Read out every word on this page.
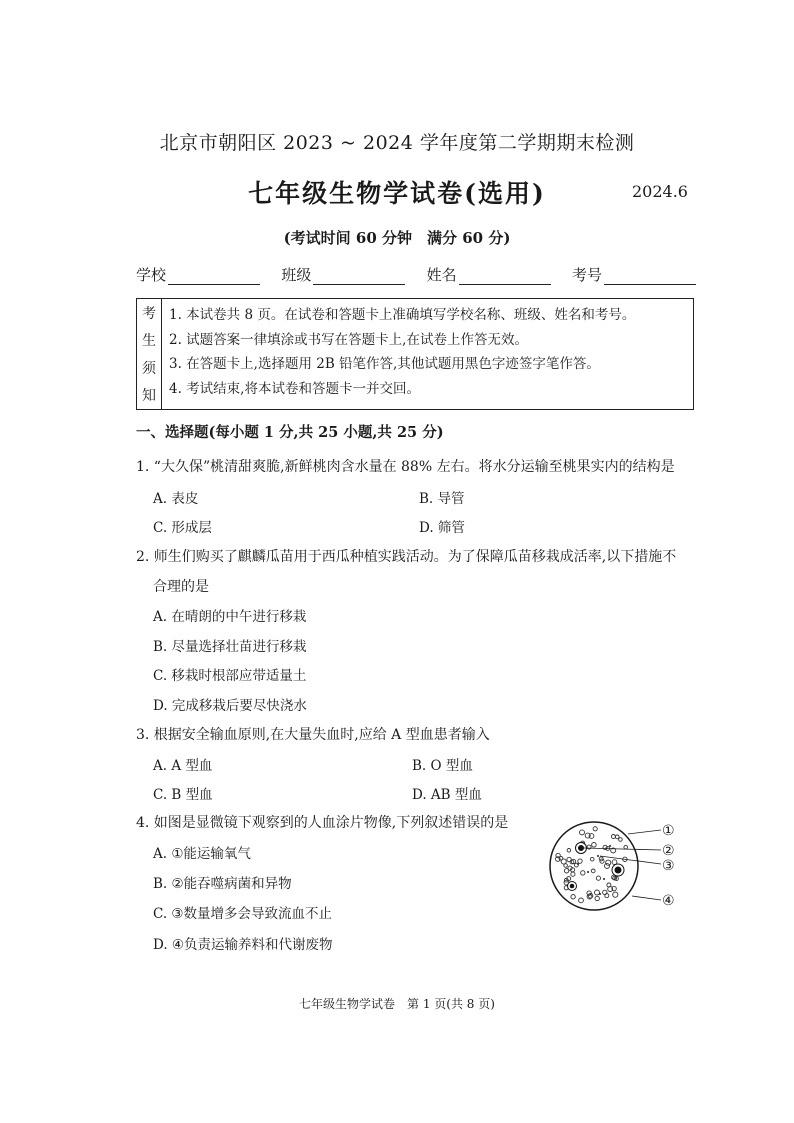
北京市朝阳区 2023 ~ 2024 学年度第二学期期末检测
七年级生物学试卷(选用)	2024.6
(考试时间 60 分钟　满分 60 分)
学校	班级	姓名	考号
考
生
须
知
1. 本试卷共 8 页。在试卷和答题卡上准确填写学校名称、班级、姓名和考号。
2. 试题答案一律填涂或书写在答题卡上,在试卷上作答无效。
3. 在答题卡上,选择题用 2B 铅笔作答,其他试题用黑色字迹签字笔作答。
4. 考试结束,将本试卷和答题卡一并交回。
一、选择题(每小题 1 分,共 25 小题,共 25 分)
1. “大久保”桃清甜爽脆,新鲜桃肉含水量在 88% 左右。将水分运输至桃果实内的结构是
A. 表皮	B. 导管
C. 形成层	D. 筛管
2. 师生们购买了麒麟瓜苗用于西瓜种植实践活动。为了保障瓜苗移栽成活率,以下措施不
合理的是
A. 在晴朗的中午进行移栽
B. 尽量选择壮苗进行移栽
C. 移栽时根部应带适量土
D. 完成移栽后要尽快浇水
3. 根据安全输血原则,在大量失血时,应给 A 型血患者输入
A. A 型血	B. O 型血
C. B 型血	D. AB 型血
4. 如图是显微镜下观察到的人血涂片物像,下列叙述错误的是
A. ①能运输氧气
B. ②能吞噬病菌和异物
C. ③数量增多会导致流血不止
D. ④负责运输养料和代谢废物
①
②
③
④
七年级生物学试卷　第 1 页(共 8 页)
